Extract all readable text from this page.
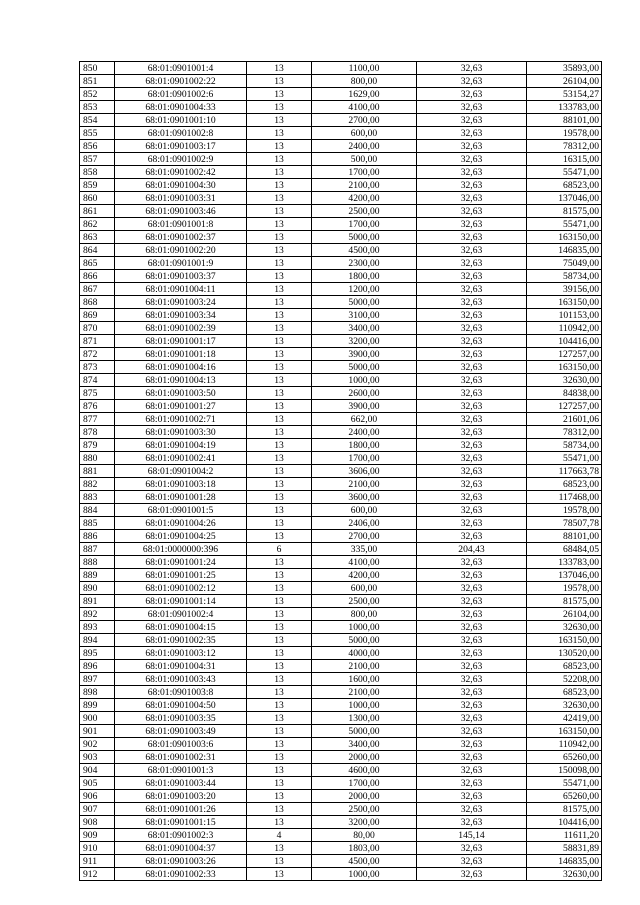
850	68:01:0901001:4	13	1100,00	32,63	35893,00
851	68:01:0901002:22	13	800,00	32,63	26104,00
852	68:01:0901002:6	13	1629,00	32,63	53154,27
853	68:01:0901004:33	13	4100,00	32,63	133783,00
854	68:01:0901001:10	13	2700,00	32,63	88101,00
855	68:01:0901002:8	13	600,00	32,63	19578,00
856	68:01:0901003:17	13	2400,00	32,63	78312,00
857	68:01:0901002:9	13	500,00	32,63	16315,00
858	68:01:0901002:42	13	1700,00	32,63	55471,00
859	68:01:0901004:30	13	2100,00	32,63	68523,00
860	68:01:0901003:31	13	4200,00	32,63	137046,00
861	68:01:0901003:46	13	2500,00	32,63	81575,00
862	68:01:0901001:8	13	1700,00	32,63	55471,00
863	68:01:0901002:37	13	5000,00	32,63	163150,00
864	68:01:0901002:20	13	4500,00	32,63	146835,00
865	68:01:0901001:9	13	2300,00	32,63	75049,00
866	68:01:0901003:37	13	1800,00	32,63	58734,00
867	68:01:0901004:11	13	1200,00	32,63	39156,00
868	68:01:0901003:24	13	5000,00	32,63	163150,00
869	68:01:0901003:34	13	3100,00	32,63	101153,00
870	68:01:0901002:39	13	3400,00	32,63	110942,00
871	68:01:0901001:17	13	3200,00	32,63	104416,00
872	68:01:0901001:18	13	3900,00	32,63	127257,00
873	68:01:0901004:16	13	5000,00	32,63	163150,00
874	68:01:0901004:13	13	1000,00	32,63	32630,00
875	68:01:0901003:50	13	2600,00	32,63	84838,00
876	68:01:0901001:27	13	3900,00	32,63	127257,00
877	68:01:0901002:71	13	662,00	32,63	21601,06
878	68:01:0901003:30	13	2400,00	32,63	78312,00
879	68:01:0901004:19	13	1800,00	32,63	58734,00
880	68:01:0901002:41	13	1700,00	32,63	55471,00
881	68:01:0901004:2	13	3606,00	32,63	117663,78
882	68:01:0901003:18	13	2100,00	32,63	68523,00
883	68:01:0901001:28	13	3600,00	32,63	117468,00
884	68:01:0901001:5	13	600,00	32,63	19578,00
885	68:01:0901004:26	13	2406,00	32,63	78507,78
886	68:01:0901004:25	13	2700,00	32,63	88101,00
887	68:01:0000000:396	6	335,00	204,43	68484,05
888	68:01:0901001:24	13	4100,00	32,63	133783,00
889	68:01:0901001:25	13	4200,00	32,63	137046,00
890	68:01:0901002:12	13	600,00	32,63	19578,00
891	68:01:0901001:14	13	2500,00	32,63	81575,00
892	68:01:0901002:4	13	800,00	32,63	26104,00
893	68:01:0901004:15	13	1000,00	32,63	32630,00
894	68:01:0901002:35	13	5000,00	32,63	163150,00
895	68:01:0901003:12	13	4000,00	32,63	130520,00
896	68:01:0901004:31	13	2100,00	32,63	68523,00
897	68:01:0901003:43	13	1600,00	32,63	52208,00
898	68:01:0901003:8	13	2100,00	32,63	68523,00
899	68:01:0901004:50	13	1000,00	32,63	32630,00
900	68:01:0901003:35	13	1300,00	32,63	42419,00
901	68:01:0901003:49	13	5000,00	32,63	163150,00
902	68:01:0901003:6	13	3400,00	32,63	110942,00
903	68:01:0901002:31	13	2000,00	32,63	65260,00
904	68:01:0901001:3	13	4600,00	32,63	150098,00
905	68:01:0901003:44	13	1700,00	32,63	55471,00
906	68:01:0901003:20	13	2000,00	32,63	65260,00
907	68:01:0901001:26	13	2500,00	32,63	81575,00
908	68:01:0901001:15	13	3200,00	32,63	104416,00
909	68:01:0901002:3	4	80,00	145,14	11611,20
910	68:01:0901004:37	13	1803,00	32,63	58831,89
911	68:01:0901003:26	13	4500,00	32,63	146835,00
912	68:01:0901002:33	13	1000,00	32,63	32630,00
